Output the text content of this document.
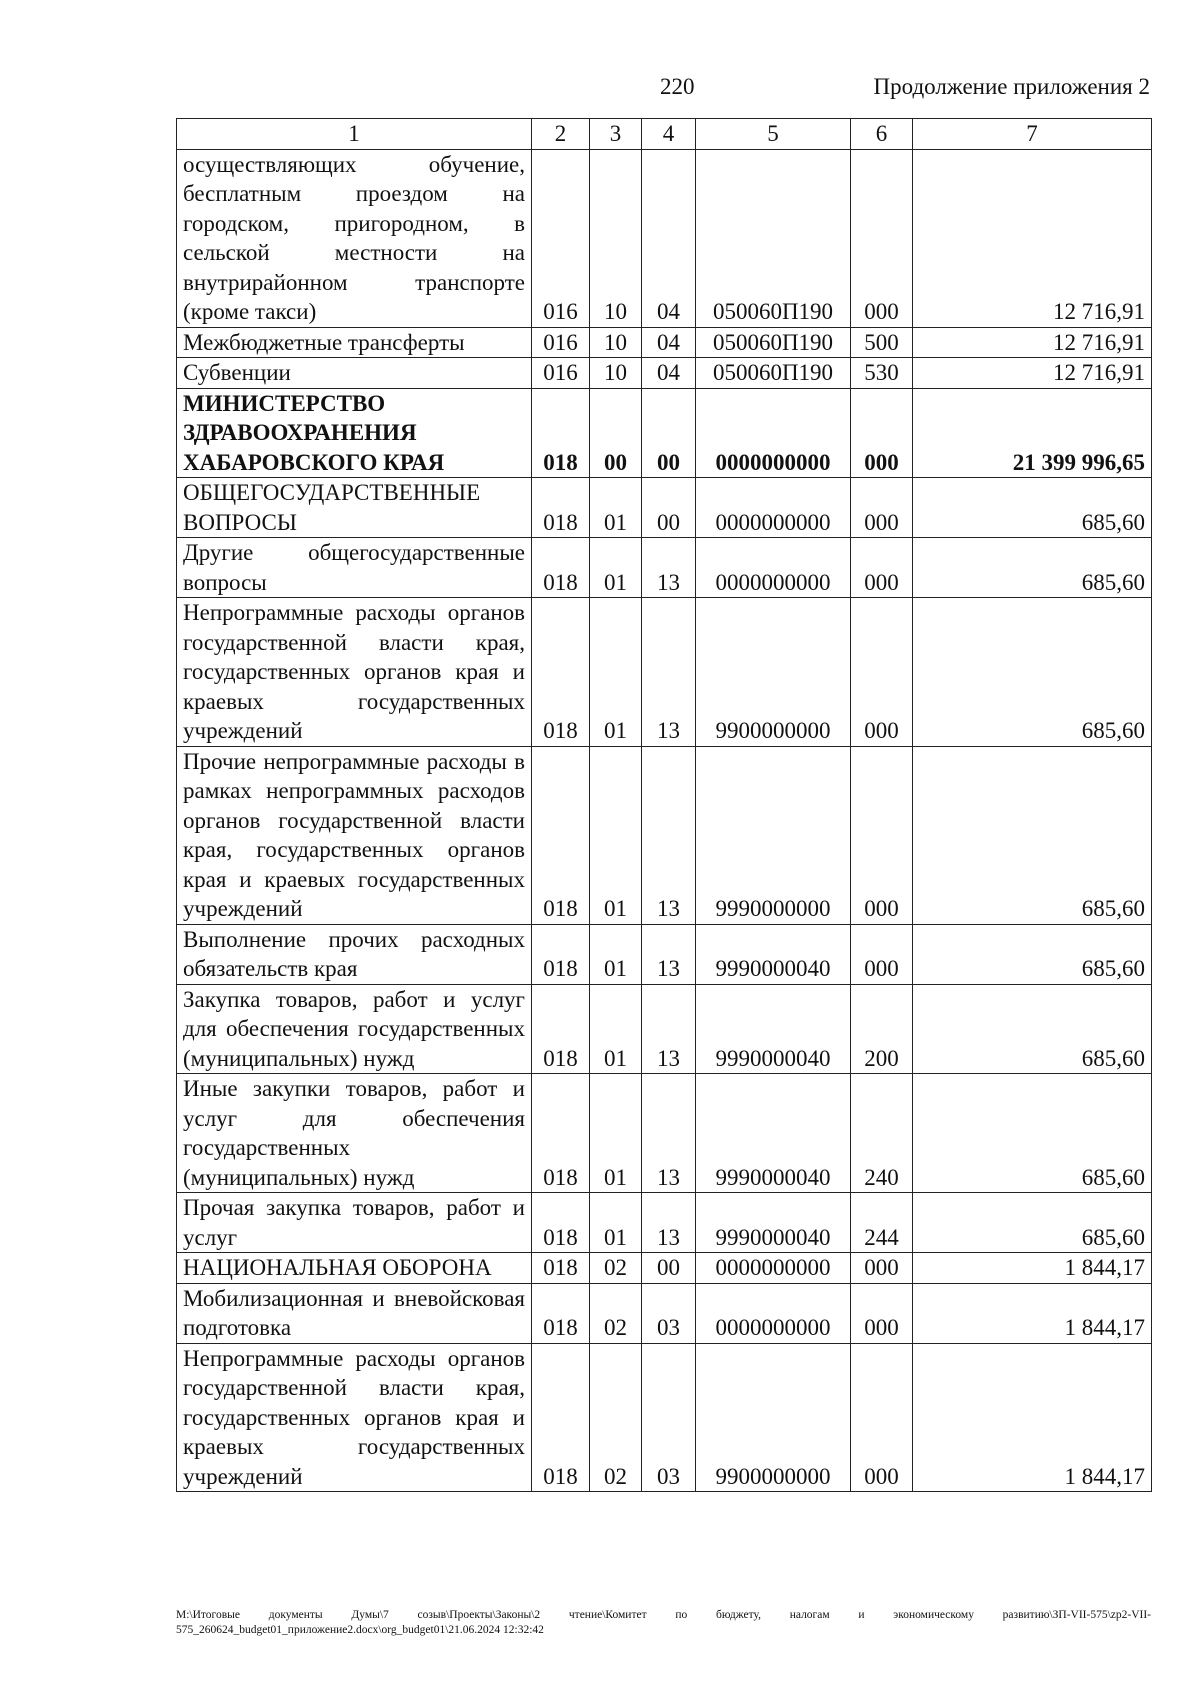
220	Продолжение приложения 2
1	2	3	4	5	6	7
осуществляющих обучение, бесплатным проездом на городском, пригородном, в сельской местности на внутрирайонном транспорте (кроме такси)	016	10	04	050060П190	000	12 716,91
Межбюджетные трансферты	016	10	04	050060П190	500	12 716,91
Субвенции	016	10	04	050060П190	530	12 716,91
МИНИСТЕРСТВО ЗДРАВООХРАНЕНИЯ ХАБАРОВСКОГО КРАЯ	018	00	00	0000000000	000	21 399 996,65
ОБЩЕГОСУДАРСТВЕННЫЕ ВОПРОСЫ	018	01	00	0000000000	000	685,60
Другие общегосударственные вопросы	018	01	13	0000000000	000	685,60
Непрограммные расходы органов государственной власти края, государственных органов края и краевых государственных учреждений	018	01	13	9900000000	000	685,60
Прочие непрограммные расходы в рамках непрограммных расходов органов государственной власти края, государственных органов края и краевых государственных учреждений	018	01	13	9990000000	000	685,60
Выполнение прочих расходных обязательств края	018	01	13	9990000040	000	685,60
Закупка товаров, работ и услуг для обеспечения государственных (муниципальных) нужд	018	01	13	9990000040	200	685,60
Иные закупки товаров, работ и услуг для обеспечения государственных (муниципальных) нужд	018	01	13	9990000040	240	685,60
Прочая закупка товаров, работ и услуг	018	01	13	9990000040	244	685,60
НАЦИОНАЛЬНАЯ ОБОРОНА	018	02	00	0000000000	000	1 844,17
Мобилизационная и вневойсковая подготовка	018	02	03	0000000000	000	1 844,17
Непрограммные расходы органов государственной власти края, государственных органов края и краевых государственных учреждений	018	02	03	9900000000	000	1 844,17
М:\Итоговые документы Думы\7 созыв\Проекты\Законы\2 чтение\Комитет по бюджету, налогам и экономическому развитию\ЗП-VII-575\zp2-VII-575_260624_budget01_приложение2.docx\org_budget01\21.06.2024 12:32:42
